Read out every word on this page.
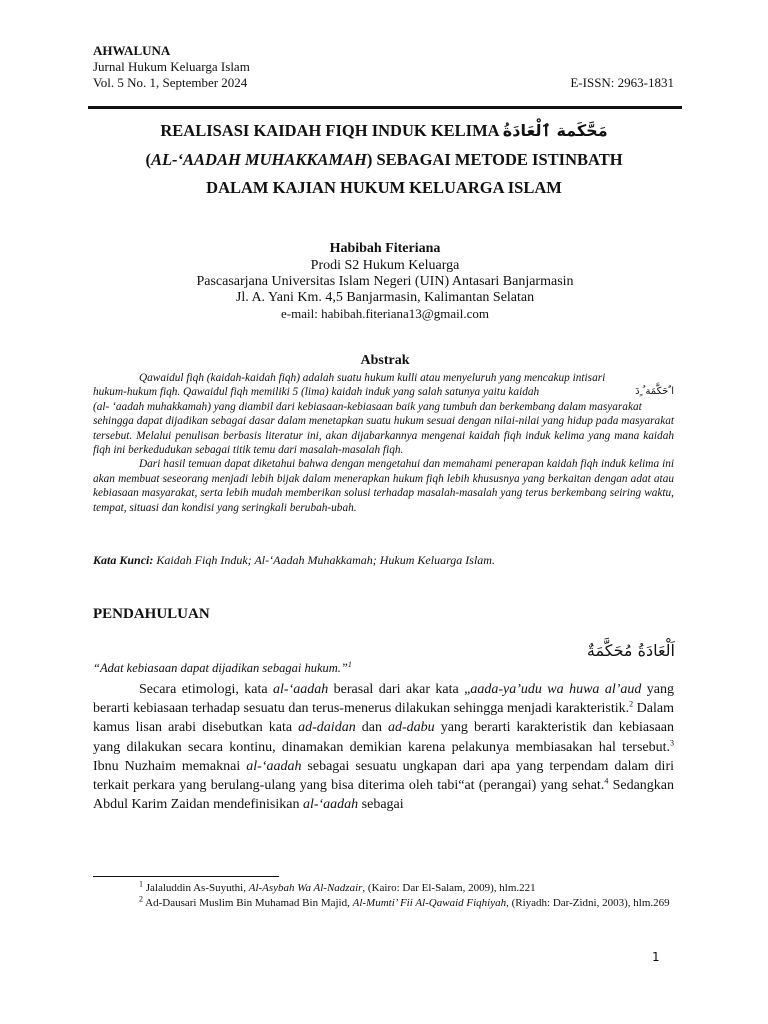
AHWALUNA
Jurnal Hukum Keluarga Islam
Vol. 5 No. 1, September 2024	E-ISSN: 2963-1831
REALISASI KAIDAH FIQH INDUK KELIMA مَحَّكَمة ٱلْعَادَةُ
(AL-‘AADAH MUHAKKAMAH) SEBAGAI METODE ISTINBATH
DALAM KAJIAN HUKUM KELUARGA ISLAM
Habibah Fiteriana
Prodi S2 Hukum Keluarga
Pascasarjana Universitas Islam Negeri (UIN) Antasari Banjarmasin
Jl. A. Yani Km. 4,5 Banjarmasin, Kalimantan Selatan
e-mail: habibah.fiteriana13@gmail.com
Abstrak

Qawaidul fiqh (kaidah-kaidah fiqh) adalah suatu hukum kulli atau menyeluruh yang mencakup intisari

hukum-hukum fiqh. Qawaidul fiqh memiliki 5 (lima) kaidah induk yang salah satunya yaitu kaidah	ا ٌحَكَّمَة ُ ٍدَ

(al- ‘aadah muhakkamah) yang diambil dari kebiasaan-kebiasaan baik yang tumbuh dan berkembang dalam masyarakat

sehingga dapat dijadikan sebagai dasar dalam menetapkan suatu hukum sesuai dengan nilai-nilai yang hidup pada masyarakat tersebut. Melalui penulisan berbasis literatur ini, akan dijabarkannya mengenai kaidah fiqh induk kelima yang mana kaidah fiqh ini berkedudukan sebagai titik temu dari masalah-masalah fiqh.

Dari hasil temuan dapat diketahui bahwa dengan mengetahui dan memahami penerapan kaidah fiqh induk kelima ini akan membuat seseorang menjadi lebih bijak dalam menerapkan hukum fiqh lebih khususnya yang berkaitan dengan adat atau kebiasaan masyarakat, serta lebih mudah memberikan solusi terhadap masalah-masalah yang terus berkembang seiring waktu, tempat, situasi dan kondisi yang seringkali berubah-ubah.

Kata Kunci: Kaidah Fiqh Induk; Al-‘Aadah Muhakkamah; Hukum Keluarga Islam.
PENDAHULUAN
اَلْعَادَةُ مُحَكَّمَةٌ
“Adat kebiasaan dapat dijadikan sebagai hukum.”$^1$

Secara etimologi, kata al-‘aadah berasal dari akar kata „aada-ya’udu wa huwa al’aud yang berarti kebiasaan terhadap sesuatu dan terus-menerus dilakukan sehingga menjadi karakteristik.$^2$ Dalam kamus lisan arabi disebutkan kata ad-daidan dan ad-dabu yang berarti karakteristik dan kebiasaan yang dilakukan secara kontinu, dinamakan demikian karena pelakunya membiasakan hal tersebut.$^3$ Ibnu Nuzhaim memaknai al-‘aadah sebagai sesuatu ungkapan dari apa yang terpendam dalam diri terkait perkara yang berulang-ulang yang bisa diterima oleh tabi“at (perangai) yang sehat.$^4$ Sedangkan Abdul Karim Zaidan mendefinisikan al-‘aadah sebagai

$^1$ Jalaluddin As-Suyuthi, Al-Asybah Wa Al-Nadzair, (Kairo: Dar El-Salam, 2009), hlm.221

$^2$ Ad-Dausari Muslim Bin Muhamad Bin Majid, Al-Mumti’ Fii Al-Qawaid Fiqhiyah, (Riyadh: Dar-Zidni, 2003), hlm.269

1
